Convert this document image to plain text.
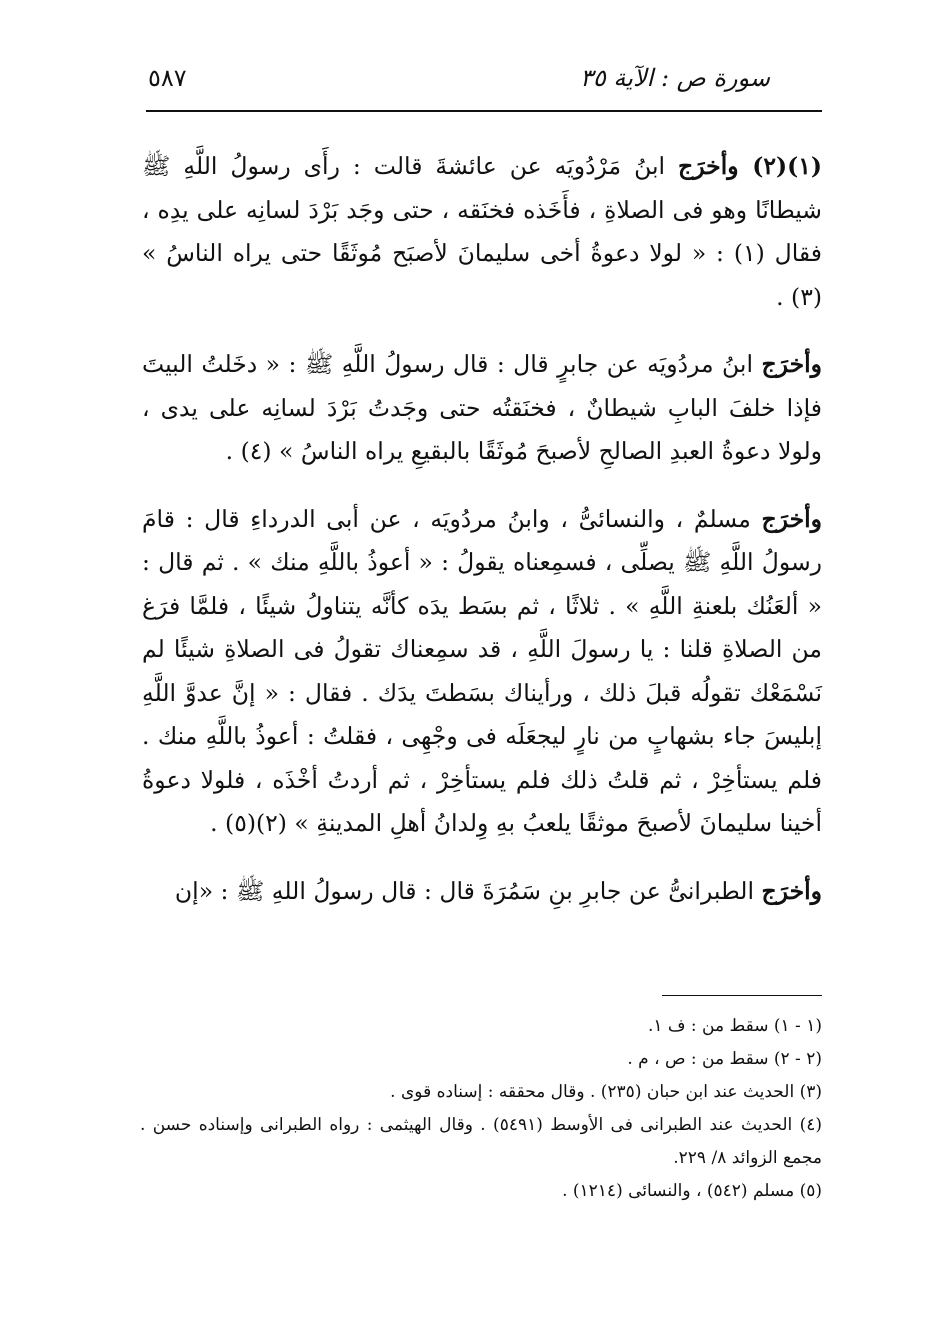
٥٨٧	سورة ص : الآية ٣٥

(١)(٢) وأخرَج ابنُ مَرْدُويَه عن عائشةَ قالت : رأَى رسولُ اللَّهِ ﷺ شيطانًا وهو فى الصلاةِ ، فأَخَذه فخنَقه ، حتى وجَد بَرْدَ لسانِه على يدِه ، فقال (١) : « لولا دعوةُ أخى سليمانَ لأصبَح مُوثَقًا حتى يراه الناسُ » (٣) .

وأخرَج ابنُ مردُويَه عن جابرٍ قال : قال رسولُ اللَّهِ ﷺ : « دخَلتُ البيتَ فإذا خلفَ البابِ شيطانٌ ، فخنَقتُه حتى وجَدتُ بَرْدَ لسانِه على يدى ، ولولا دعوةُ العبدِ الصالحِ لأصبحَ مُوثَقًا بالبقيعِ يراه الناسُ » (٤) .

وأخرَج مسلمٌ ، والنسائىُّ ، وابنُ مردُويَه ، عن أبى الدرداءِ قال : قامَ رسولُ اللَّهِ ﷺ يصلِّى ، فسمِعناه يقولُ : « أعوذُ باللَّهِ منك » . ثم قال : « ألعَنُك بلعنةِ اللَّهِ » . ثلاثًا ، ثم بسَط يدَه كأنَّه يتناولُ شيئًا ، فلمَّا فرَغ من الصلاةِ قلنا : يا رسولَ اللَّهِ ، قد سمِعناك تقولُ فى الصلاةِ شيئًا لم نَسْمَعْك تقولُه قبلَ ذلك ، ورأيناك بسَطتَ يدَك . فقال : « إنَّ عدوَّ اللَّهِ إبليسَ جاء بشهابٍ من نارٍ ليجعَلَه فى وجْهِى ، فقلتُ : أعوذُ باللَّهِ منك . فلم يستأخِرْ ، ثم قلتُ ذلك فلم يستأخِرْ ، ثم أردتُ أخْذَه ، فلولا دعوةُ أخينا سليمانَ لأصبحَ موثقًا يلعبُ بهِ وِلدانُ أهلِ المدينةِ » (٢)(٥) .

وأخرَج الطبرانىُّ عن جابرِ بنِ سَمُرَةَ قال : قال رسولُ اللهِ ﷺ : «إن

(١ - ١) سقط من : ف ١.

(٢ - ٢) سقط من : ص ، م .

(٣) الحديث عند ابن حبان (٢٣٥) . وقال محققه : إسناده قوى .

(٤) الحديث عند الطبرانى فى الأوسط (٥٤٩١) . وقال الهيثمى : رواه الطبرانى وإسناده حسن . مجمع الزوائد ٨/ ٢٢٩.

(٥) مسلم (٥٤٢) ، والنسائى (١٢١٤) .
